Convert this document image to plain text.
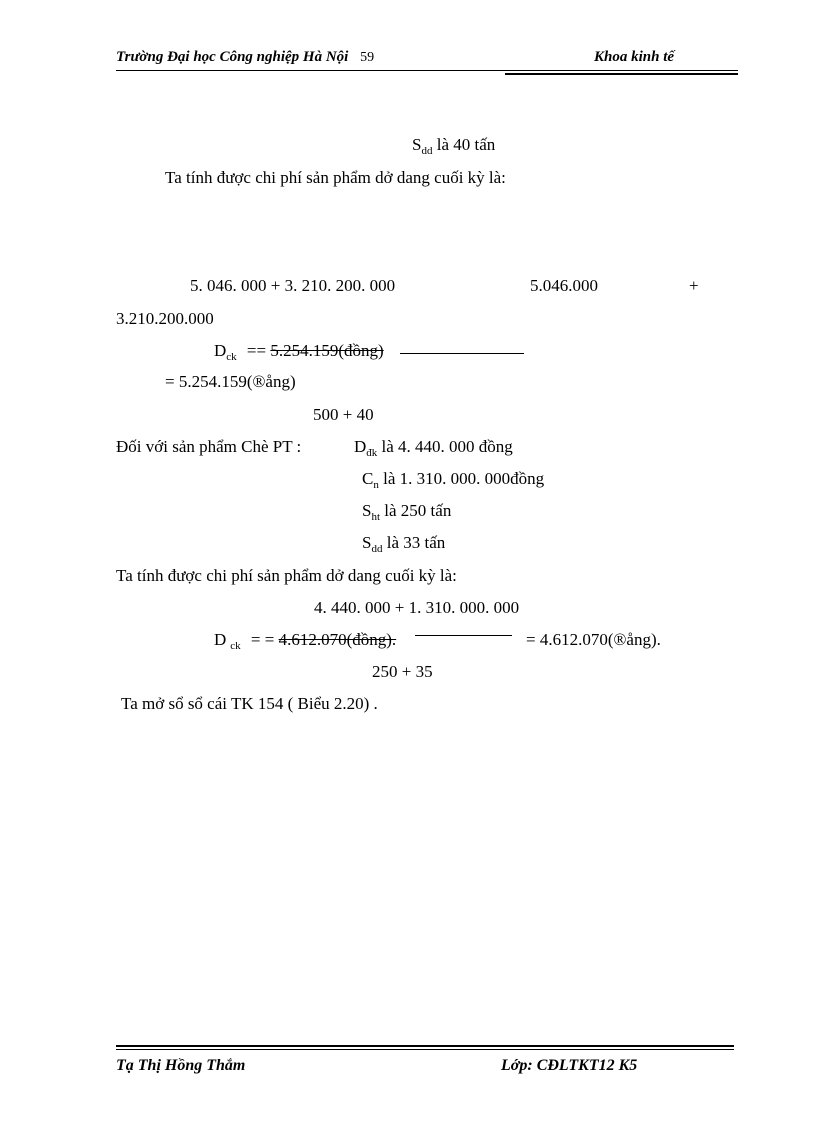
Trường Đại học Công nghiệp Hà Nội 59	Khoa kinh tế
$S_{dd}$ là 40 tấn
Ta tính được chi phí sản phẩm dở dang cuối kỳ là:
5. 046. 000 + 3. 210. 200. 000	5.046.000	+
3.210.200.000
$D_{ck}$ == 5.254.159(đồng)
= 5.254.159(®ång)
500 + 40
Đối với sản phẩm Chè PT :	$D_{đk}$ là 4. 440. 000 đồng
$C_n$ là 1. 310. 000. 000đồng
$S_{ht}$ là 250 tấn
$S_{dd}$ là 33 tấn
Ta tính được chi phí sản phẩm dở dang cuối kỳ là:
4. 440. 000 + 1. 310. 000. 000
D $_{ck}$ = = 4.612.070(đồng).	= 4.612.070(®ång).
250 + 35
Ta mở sổ sổ cái TK 154 ( Biểu 2.20) .
Tạ Thị Hồng Thắm	Lớp: CĐLTKT12 K5
